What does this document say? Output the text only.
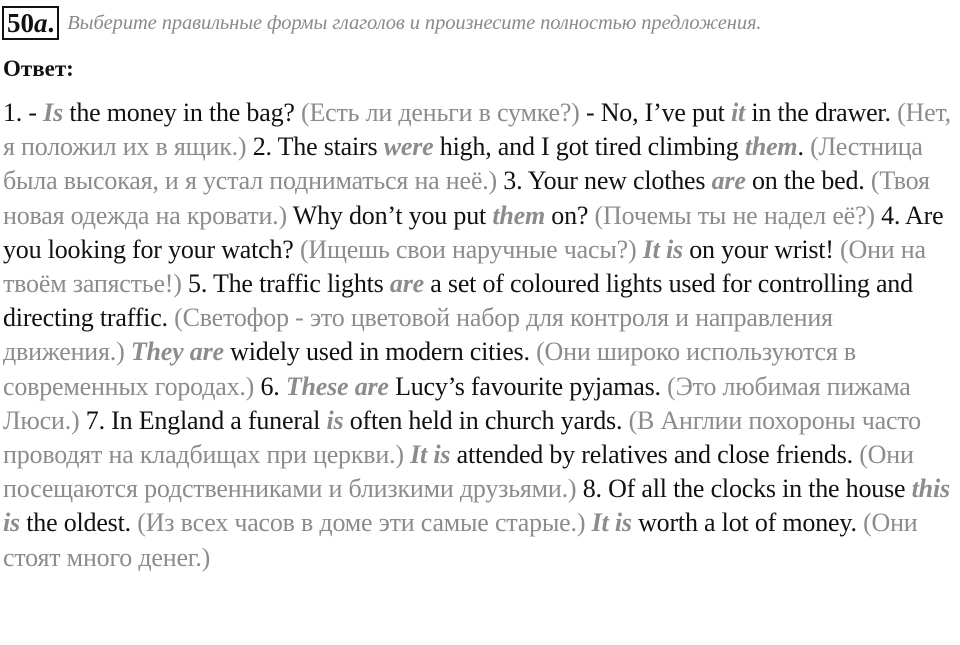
50a. Выберите правильные формы глаголов и произнесите полностью предложения.
Ответ:
1. - Is the money in the bag? (Есть ли деньги в сумке?) - No, I’ve put it in the drawer. (Нет, я положил их в ящик.) 2. The stairs were high, and I got tired climbing them. (Лестница была высокая, и я устал подниматься на неё.) 3. Your new clothes are on the bed. (Твоя новая одежда на кровати.) Why don’t you put them on? (Почемы ты не надел её?) 4. Are you looking for your watch? (Ищешь свои наручные часы?) It is on your wrist! (Они на твоём запястье!) 5. The traffic lights are a set of coloured lights used for controlling and directing traffic. (Светофор - это цветовой набор для контроля и направления движения.) They are widely used in modern cities. (Они широко используются в современных городах.) 6. These are Lucy’s favourite pyjamas. (Это любимая пижама Люси.) 7. In England a funeral is often held in church yards. (В Англии похороны часто проводят на кладбищах при церкви.) It is attended by relatives and close friends. (Они посещаются родственниками и близкими друзьями.) 8. Of all the clocks in the house this is the oldest. (Из всех часов в доме эти самые старые.) It is worth a lot of money. (Они стоят много денег.)
